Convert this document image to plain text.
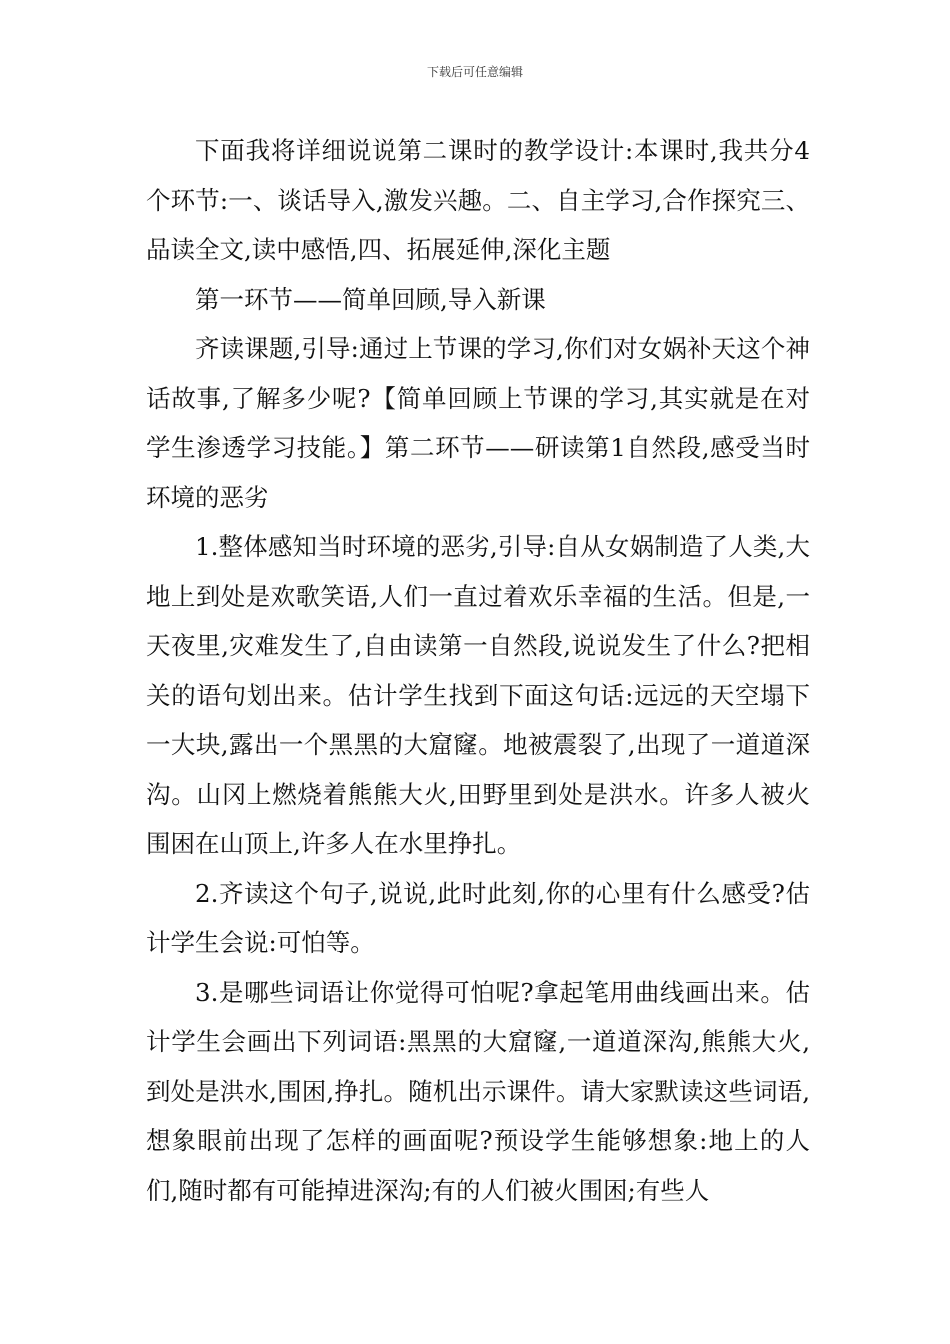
下载后可任意编辑

下面我将详细说说第二课时的教学设计:本课时,我共分4个环节:一、谈话导入,激发兴趣。二、自主学习,合作探究三、品读全文,读中感悟,四、拓展延伸,深化主题

第一环节——简单回顾,导入新课

齐读课题,引导:通过上节课的学习,你们对女娲补天这个神话故事,了解多少呢?【简单回顾上节课的学习,其实就是在对学生渗透学习技能。】第二环节——研读第1自然段,感受当时环境的恶劣

1.整体感知当时环境的恶劣,引导:自从女娲制造了人类,大地上到处是欢歌笑语,人们一直过着欢乐幸福的生活。但是,一天夜里,灾难发生了,自由读第一自然段,说说发生了什么?把相关的语句划出来。估计学生找到下面这句话:远远的天空塌下一大块,露出一个黑黑的大窟窿。地被震裂了,出现了一道道深沟。山冈上燃烧着熊熊大火,田野里到处是洪水。许多人被火围困在山顶上,许多人在水里挣扎。

2.齐读这个句子,说说,此时此刻,你的心里有什么感受?估计学生会说:可怕等。

3.是哪些词语让你觉得可怕呢?拿起笔用曲线画出来。估计学生会画出下列词语:黑黑的大窟窿,一道道深沟,熊熊大火,到处是洪水,围困,挣扎。随机出示课件。请大家默读这些词语,想象眼前出现了怎样的画面呢?预设学生能够想象:地上的人们,随时都有可能掉进深沟;有的人们被火围困;有些人
